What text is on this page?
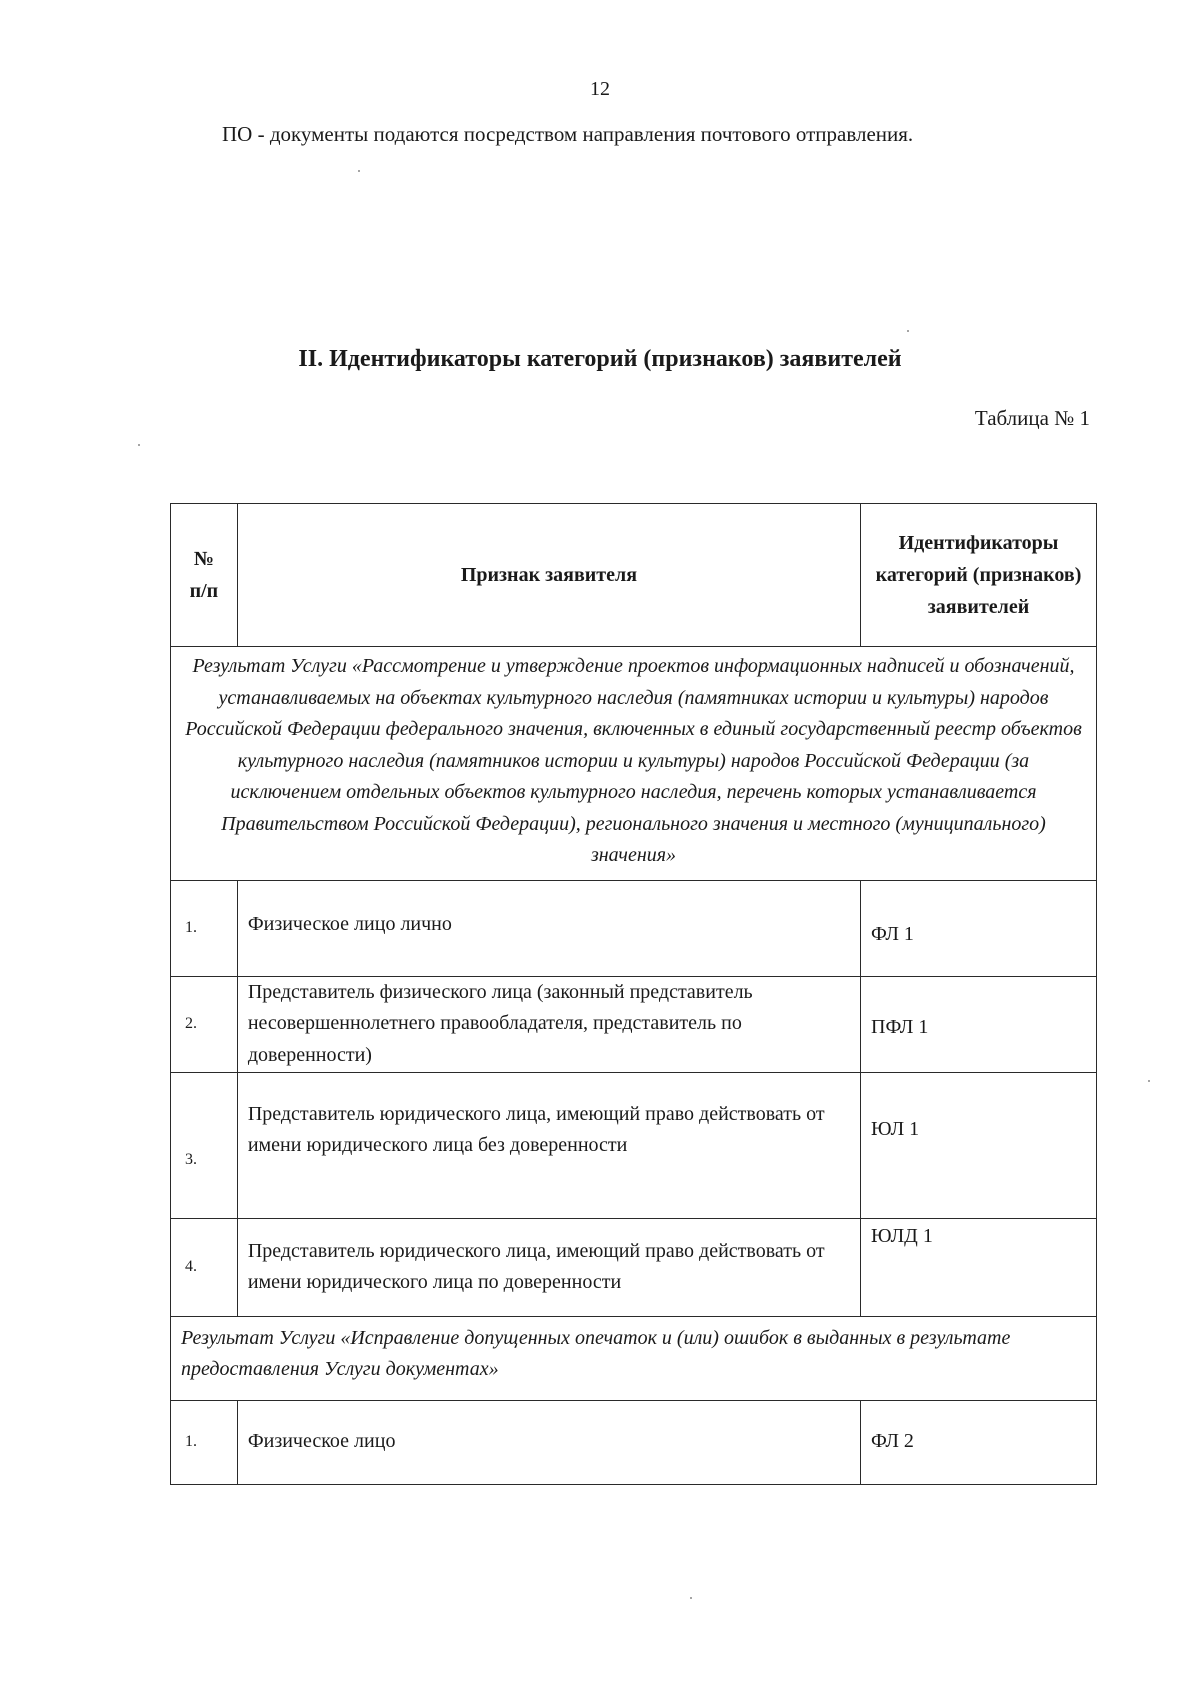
12
ПО - документы подаются посредством направления почтового отправления.
II. Идентификаторы категорий (признаков) заявителей
Таблица № 1
№ п/п	Признак заявителя	Идентификаторы категорий (признаков) заявителей
Результат Услуги «Рассмотрение и утверждение проектов информационных надписей и обозначений, устанавливаемых на объектах культурного наследия (памятниках истории и культуры) народов Российской Федерации федерального значения, включенных в единый государственный реестр объектов культурного наследия (памятников истории и культуры) народов Российской Федерации (за исключением отдельных объектов культурного наследия, перечень которых устанавливается Правительством Российской Федерации), регионального значения и местного (муниципального) значения»		
1.	Физическое лицо лично	ФЛ 1
2.	Представитель физического лица (законный представитель несовершеннолетнего правообладателя, представитель по доверенности)	ПФЛ 1
3.	Представитель юридического лица, имеющий право действовать от имени юридического лица без доверенности	ЮЛ 1
4.	Представитель юридического лица, имеющий право действовать от имени юридического лица по доверенности	ЮЛД 1
Результат Услуги «Исправление допущенных опечаток и (или) ошибок в выданных в результате предоставления Услуги документах»		
1.	Физическое лицо	ФЛ 2
